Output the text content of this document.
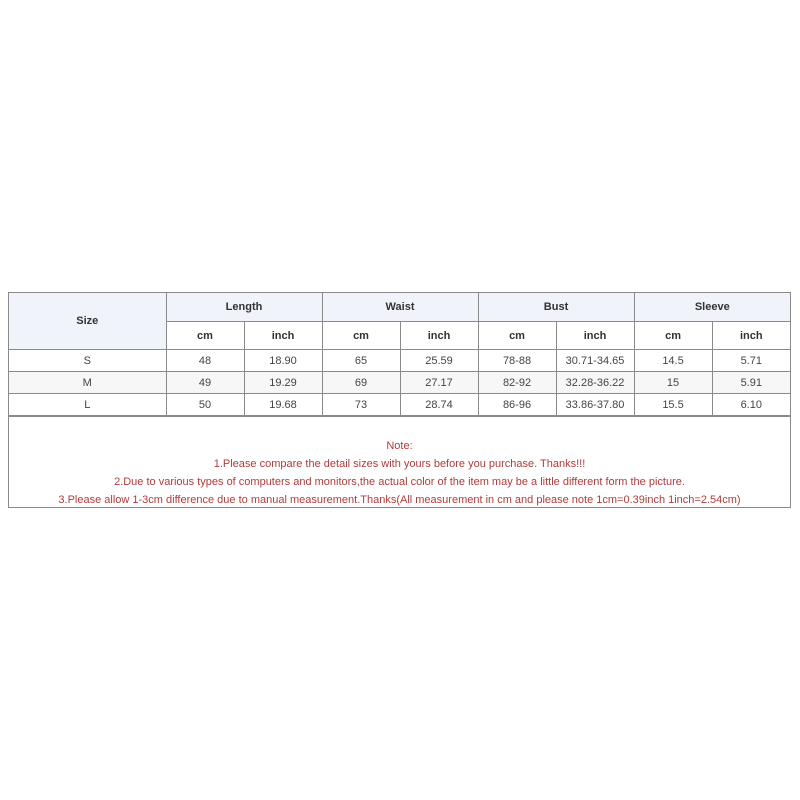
Size	Length		Waist		Bust		Sleeve	
	cm	inch	cm	inch	cm	inch	cm	inch
S	48	18.90	65	25.59	78-88	30.71-34.65	14.5	5.71
M	49	19.29	69	27.17	82-92	32.28-36.22	15	5.91
L	50	19.68	73	28.74	86-96	33.86-37.80	15.5	6.10
Note:
1.Please compare the detail sizes with yours before you purchase. Thanks!!!
2.Due to various types of computers and monitors,the actual color of the item may be a little different form the picture.
3.Please allow 1-3cm difference due to manual measurement.Thanks(All measurement in cm and please note 1cm=0.39inch 1inch=2.54cm)
